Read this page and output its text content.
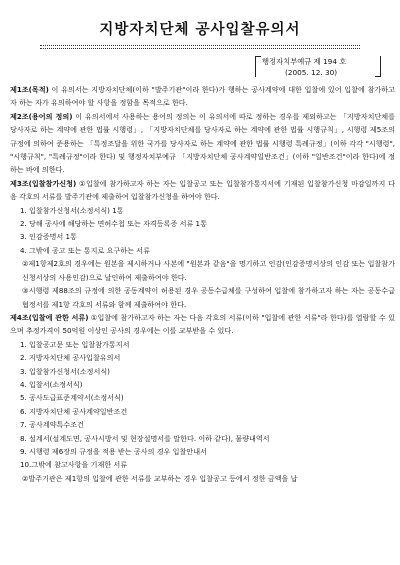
지방자치단체 공사입찰유의서
행정자치부예규 제 194 호
(2005. 12. 30)

제1조(목적) 이 유의서는 지방자치단체(이하 "발주기관"이라 한다)가 행하는 공사계약에 대한 입찰에 있어 입찰에 참가하고자 하는 자가 유의하여야 할 사항을 정함을 목적으로 한다.

제2조(용어의 정의) 이 유의서에서 사용하는 용어의 정의는 이 유의서에 따로 정하는 경우를 제외하고는 「지방자치단체를 당사자로 하는 계약에 관한 법률 시행령」, 「지방자치단체를 당사자로 하는 계약에 관한 법률 시행규칙」, 시행령 제5조의 규정에 의하여 준용하는 「특정조달을 위한 국가를 당사자로 하는 계약에 관한 법률 시행령 특례규정」(이하 각각 "시행령", "시행규칙", "특례규정"이라 한다) 및 행정자치부예규 「지방자치단체 공사계약일반조건」(이하 "일반조건"이라 한다)에 정하는 바에 의한다.

제3조(입찰참가신청) ①입찰에 참가하고자 하는 자는 입찰공고 또는 입찰참가통지서에 기재된 입찰참가신청 마감일까지 다음 각호의 서류를 발주기관에 제출하여 입찰참가신청을 하여야 한다.

1. 입찰참가신청서(소정서식) 1통

2. 당해 공사에 해당하는 면허수첩 또는 자격등록증 서류 1통

3. 인감증명서 1통

4. 그밖에 공고 또는 통지로 요구하는 서류

②제1항제2호의 경우에는 원본을 제시하거나 사본에 "원본과 같음"을 명기하고 인감(인감증명서상의 인감 또는 입찰참가신청서상의 사용인감)으로 날인하여 제출하여야 한다.

③시행령 제88조의 규정에 의한 공동계약이 허용된 경우 공동수급체를 구성하여 입찰에 참가하고자 하는 자는 공동수급협정서를 제1항 각호의 서류와 함께 제출하여야 한다.

제4조(입찰에 관한 서류) ①입찰에 참가하고자 하는 자는 다음 각호의 서류(이하 "입찰에 관한 서류"라 한다)를 열람할 수 있으며 추정가격이 50억원 이상인 공사의 경우에는 이를 교부받을 수 있다.

1. 입찰공고문 또는 입찰참가통지서

2. 지방자치단체 공사입찰유의서

3. 입찰참가신청서(소정서식)

4. 입찰서(소정서식)

5. 공사도급표준계약서(소정서식)

6. 지방자치단체 공사계약일반조건

7. 공사계약특수조건

8. 설계서(설계도면, 공사시방서 및 현장설명서를 말한다. 이하 같다), 물량내역서

9. 시행령 제6장의 규정을 적용 받는 공사의 경우 입찰안내서

10.그밖에 참고사항을 기재한 서류

②발주기관은 제1항의 입찰에 관한 서류를 교부하는 경우 입찰공고 등에서 정한 금액을 납
